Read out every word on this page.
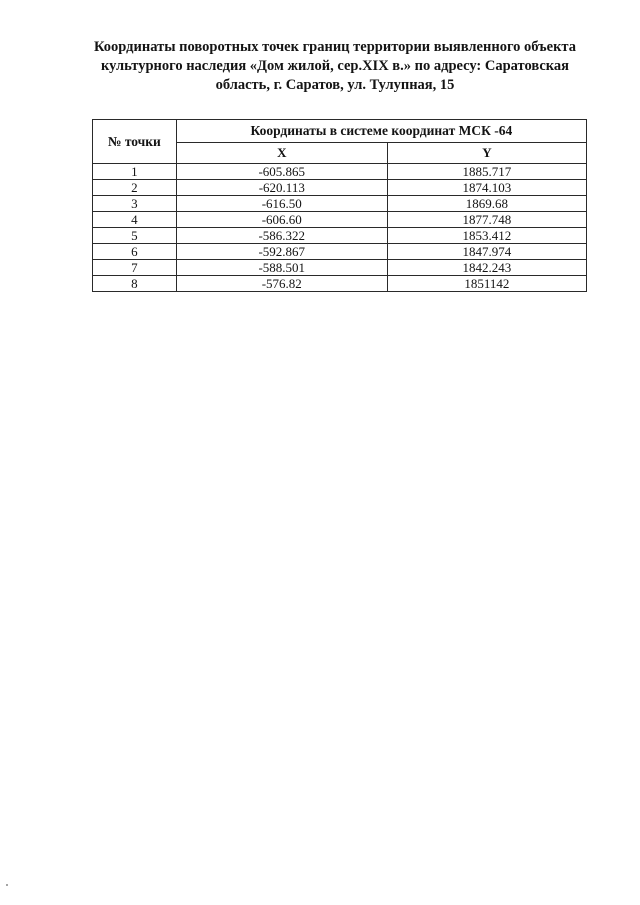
Координаты поворотных точек границ территории выявленного объекта
культурного наследия «Дом жилой, сер.XIX в.» по адресу: Саратовская
область, г. Саратов, ул. Тулупная, 15
№ точки	Координаты в системе координат МСК -64	
	X	Y
1	-605.865	1885.717
2	-620.113	1874.103
3	-616.50	1869.68
4	-606.60	1877.748
5	-586.322	1853.412
6	-592.867	1847.974
7	-588.501	1842.243
8	-576.82	1851142
